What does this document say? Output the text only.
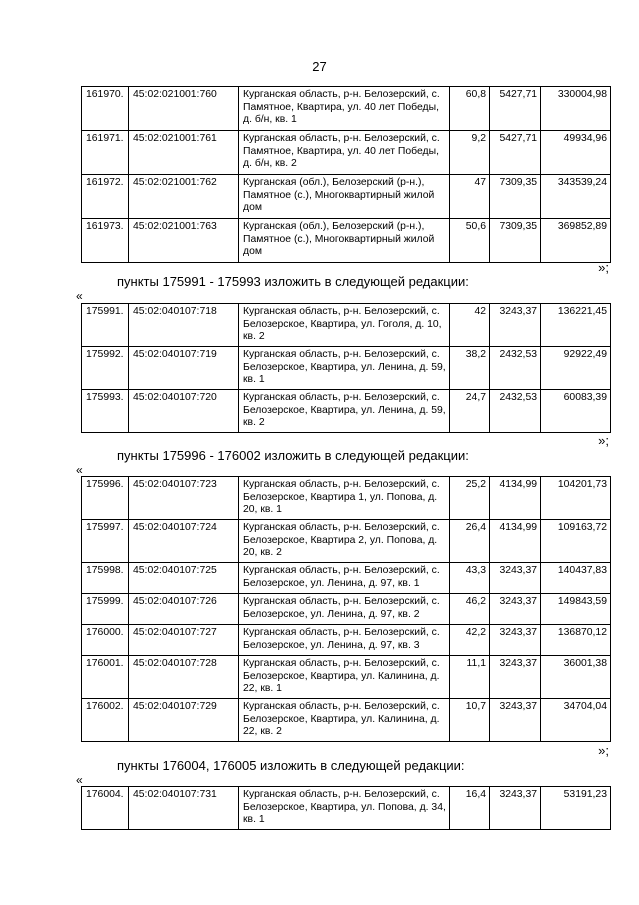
27
161970.	45:02:021001:760	Курганская область, р-н. Белозерский, с. Памятное, Квартира, ул. 40 лет Победы, д. б/н, кв. 1	60,8	5427,71	330004,98
161971.	45:02:021001:761	Курганская область, р-н. Белозерский, с. Памятное, Квартира, ул. 40 лет Победы, д. б/н, кв. 2	9,2	5427,71	49934,96
161972.	45:02:021001:762	Курганская (обл.), Белозерский (р-н.), Памятное (с.), Многоквартирный жилой дом	47	7309,35	343539,24
161973.	45:02:021001:763	Курганская (обл.), Белозерский (р-н.), Памятное (с.), Многоквартирный жилой дом	50,6	7309,35	369852,89
»;
пункты 175991 - 175993 изложить в следующей редакции:
«
175991.	45:02:040107:718	Курганская область, р-н. Белозерский, с. Белозерское, Квартира, ул. Гоголя, д. 10, кв. 2	42	3243,37	136221,45
175992.	45:02:040107:719	Курганская область, р-н. Белозерский, с. Белозерское, Квартира, ул. Ленина, д. 59, кв. 1	38,2	2432,53	92922,49
175993.	45:02:040107:720	Курганская область, р-н. Белозерский, с. Белозерское, Квартира, ул. Ленина, д. 59, кв. 2	24,7	2432,53	60083,39
»;
пункты 175996 - 176002 изложить в следующей редакции:
«
175996.	45:02:040107:723	Курганская область, р-н. Белозерский, с. Белозерское, Квартира 1, ул. Попова, д. 20, кв. 1	25,2	4134,99	104201,73
175997.	45:02:040107:724	Курганская область, р-н. Белозерский, с. Белозерское, Квартира 2, ул. Попова, д. 20, кв. 2	26,4	4134,99	109163,72
175998.	45:02:040107:725	Курганская область, р-н. Белозерский, с. Белозерское, ул. Ленина, д. 97, кв. 1	43,3	3243,37	140437,83
175999.	45:02:040107:726	Курганская область, р-н. Белозерский, с. Белозерское, ул. Ленина, д. 97, кв. 2	46,2	3243,37	149843,59
176000.	45:02:040107:727	Курганская область, р-н. Белозерский, с. Белозерское, ул. Ленина, д. 97, кв. 3	42,2	3243,37	136870,12
176001.	45:02:040107:728	Курганская область, р-н. Белозерский, с. Белозерское, Квартира, ул. Калинина, д. 22, кв. 1	11,1	3243,37	36001,38
176002.	45:02:040107:729	Курганская область, р-н. Белозерский, с. Белозерское, Квартира, ул. Калинина, д. 22, кв. 2	10,7	3243,37	34704,04
»;
пункты 176004, 176005 изложить в следующей редакции:
«
176004.	45:02:040107:731	Курганская область, р-н. Белозерский, с. Белозерское, Квартира, ул. Попова, д. 34, кв. 1	16,4	3243,37	53191,23
